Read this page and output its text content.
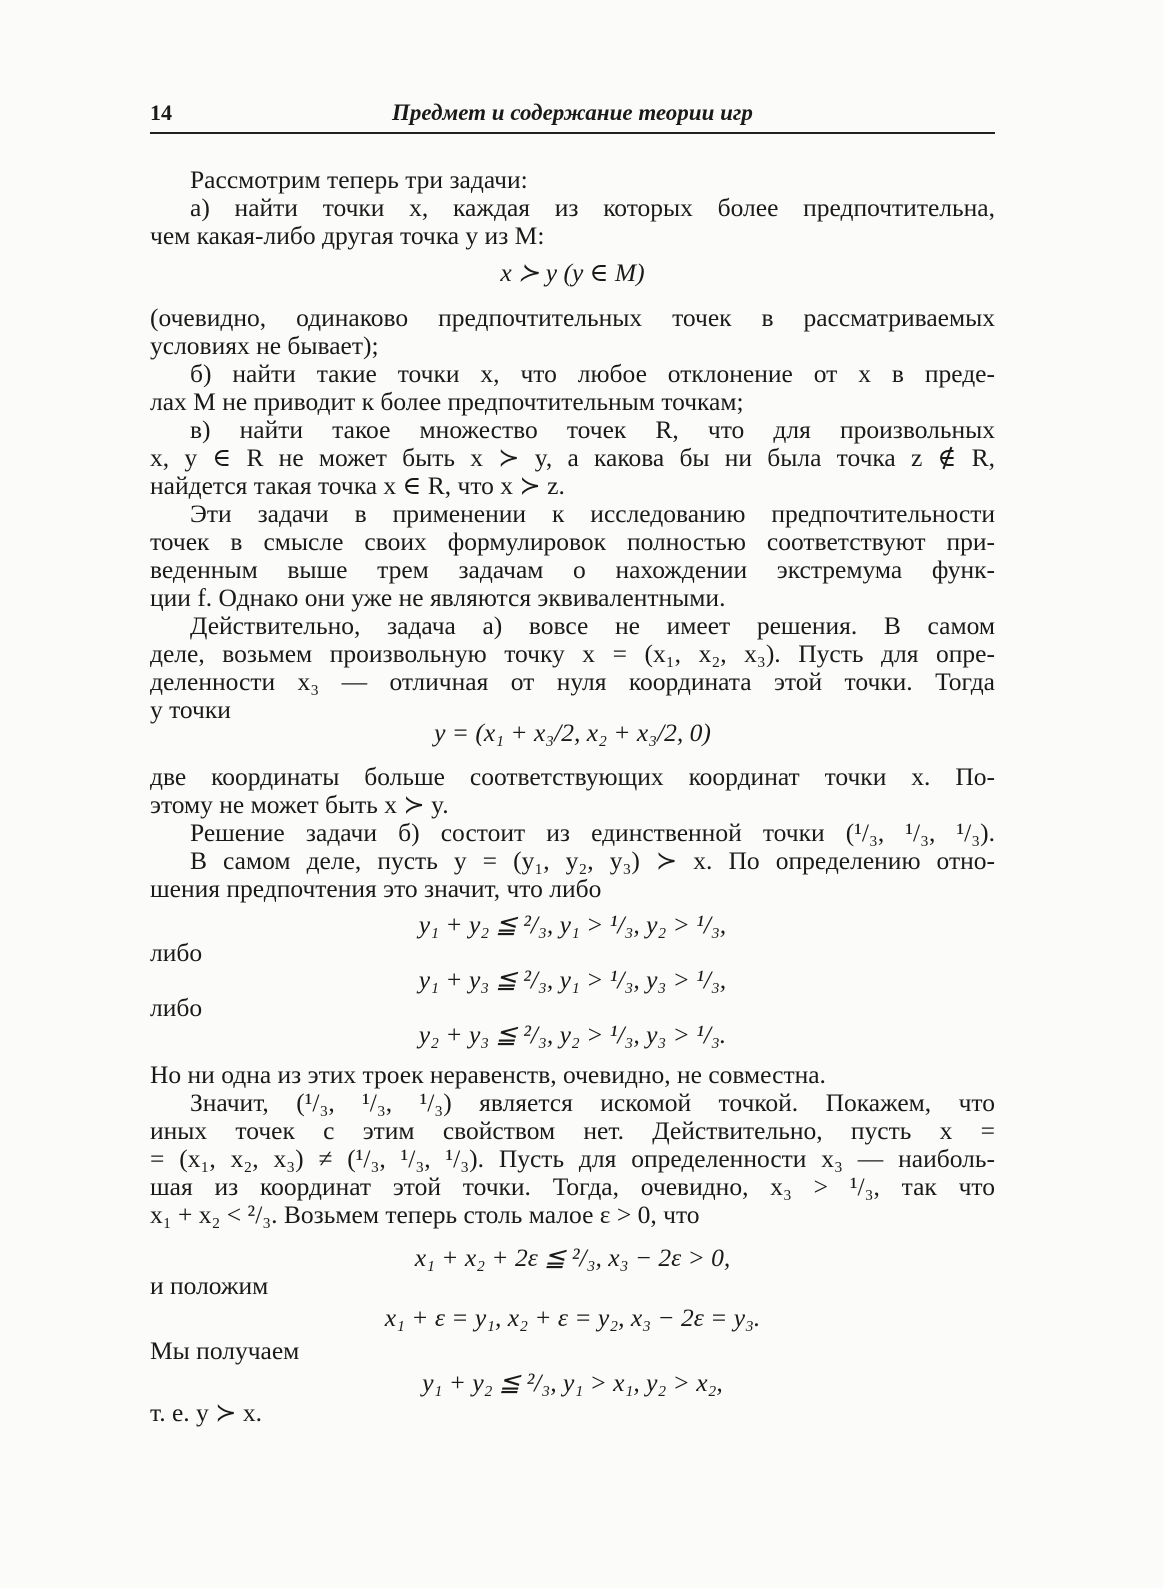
14	Предмет и содержание теории игр
Рассмотрим теперь три задачи:
а) найти точки x, каждая из которых более предпочтительна,
чем какая-либо другая точка y из M:
x ≻ y (y ∈ M)
(очевидно, одинаково предпочтительных точек в рассматриваемых
условиях не бывает);
б) найти такие точки x, что любое отклонение от x в преде-
лах M не приводит к более предпочтительным точкам;
в) найти такое множество точек R, что для произвольных
x, y ∈ R не может быть x ≻ y, а какова бы ни была точка z ∉ R,
найдется такая точка x ∈ R, что x ≻ z.
Эти задачи в применении к исследованию предпочтительности
точек в смысле своих формулировок полностью соответствуют при-
веденным выше трем задачам о нахождении экстремума функ-
ции f. Однако они уже не являются эквивалентными.
Действительно, задача а) вовсе не имеет решения. В самом
деле, возьмем произвольную точку x = (x₁, x₂, x₃). Пусть для опре-
деленности x₃ — отличная от нуля координата этой точки. Тогда
у точки
y = (x₁ + x₃/2, x₂ + x₃/2, 0)
две координаты больше соответствующих координат точки x. По-
этому не может быть x ≻ y.
Решение задачи б) состоит из единственной точки (¹/₃, ¹/₃, ¹/₃).
В самом деле, пусть y = (y₁, y₂, y₃) ≻ x. По определению отно-
шения предпочтения это значит, что либо
y₁ + y₂ ≦ ²/₃, y₁ > ¹/₃, y₂ > ¹/₃,
либо
y₁ + y₃ ≦ ²/₃, y₁ > ¹/₃, y₃ > ¹/₃,
либо
y₂ + y₃ ≦ ²/₃, y₂ > ¹/₃, y₃ > ¹/₃.
Но ни одна из этих троек неравенств, очевидно, не совместна.
Значит, (¹/₃, ¹/₃, ¹/₃) является искомой точкой. Покажем, что
иных точек с этим свойством нет. Действительно, пусть x =
= (x₁, x₂, x₃) ≠ (¹/₃, ¹/₃, ¹/₃). Пусть для определенности x₃ — наиболь-
шая из координат этой точки. Тогда, очевидно, x₃ > ¹/₃, так что
x₁ + x₂ < ²/₃. Возьмем теперь столь малое ε > 0, что
x₁ + x₂ + 2ε ≦ ²/₃, x₃ − 2ε > 0,
и положим
x₁ + ε = y₁, x₂ + ε = y₂, x₃ − 2ε = y₃.
Мы получаем
y₁ + y₂ ≦ ²/₃, y₁ > x₁, y₂ > x₂,
т. е. y ≻ x.
